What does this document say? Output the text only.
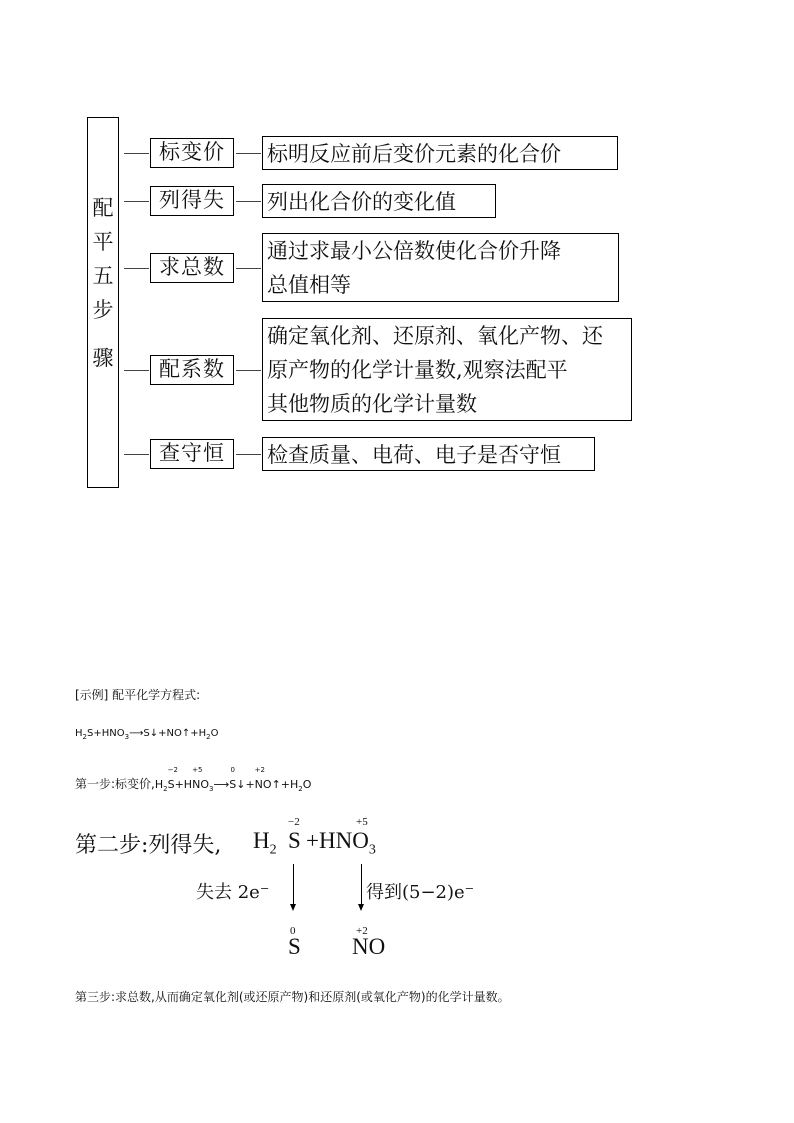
配
平
五
步
骤
标变价	标明反应前后变价元素的化合价
列得失	列出化合价的变化值
求总数
通过求最小公倍数使化合价升降
总值相等
配系数
确定氧化剂、还原剂、氧化产物、还
原产物的化学计量数,观察法配平
其他物质的化学计量数
查守恒	检查质量、电荷、电子是否守恒
[示例] 配平化学方程式:
$H_2S+HNO_3⟶S↓+NO↑+H_2O$
第一步:标变价$,H_2$
−2
S+H
+5
$NO_3⟶$
0
S↓+
+2
$NO↑+H_2O$
第二步:列得失, $H_2$
−2
S
+5
$+HNO_3$
失去 2e⁻	得到(5−2)e⁻
0
S
+2
NO
第三步:求总数,从而确定氧化剂(或还原产物)和还原剂(或氧化产物)的化学计量数。
